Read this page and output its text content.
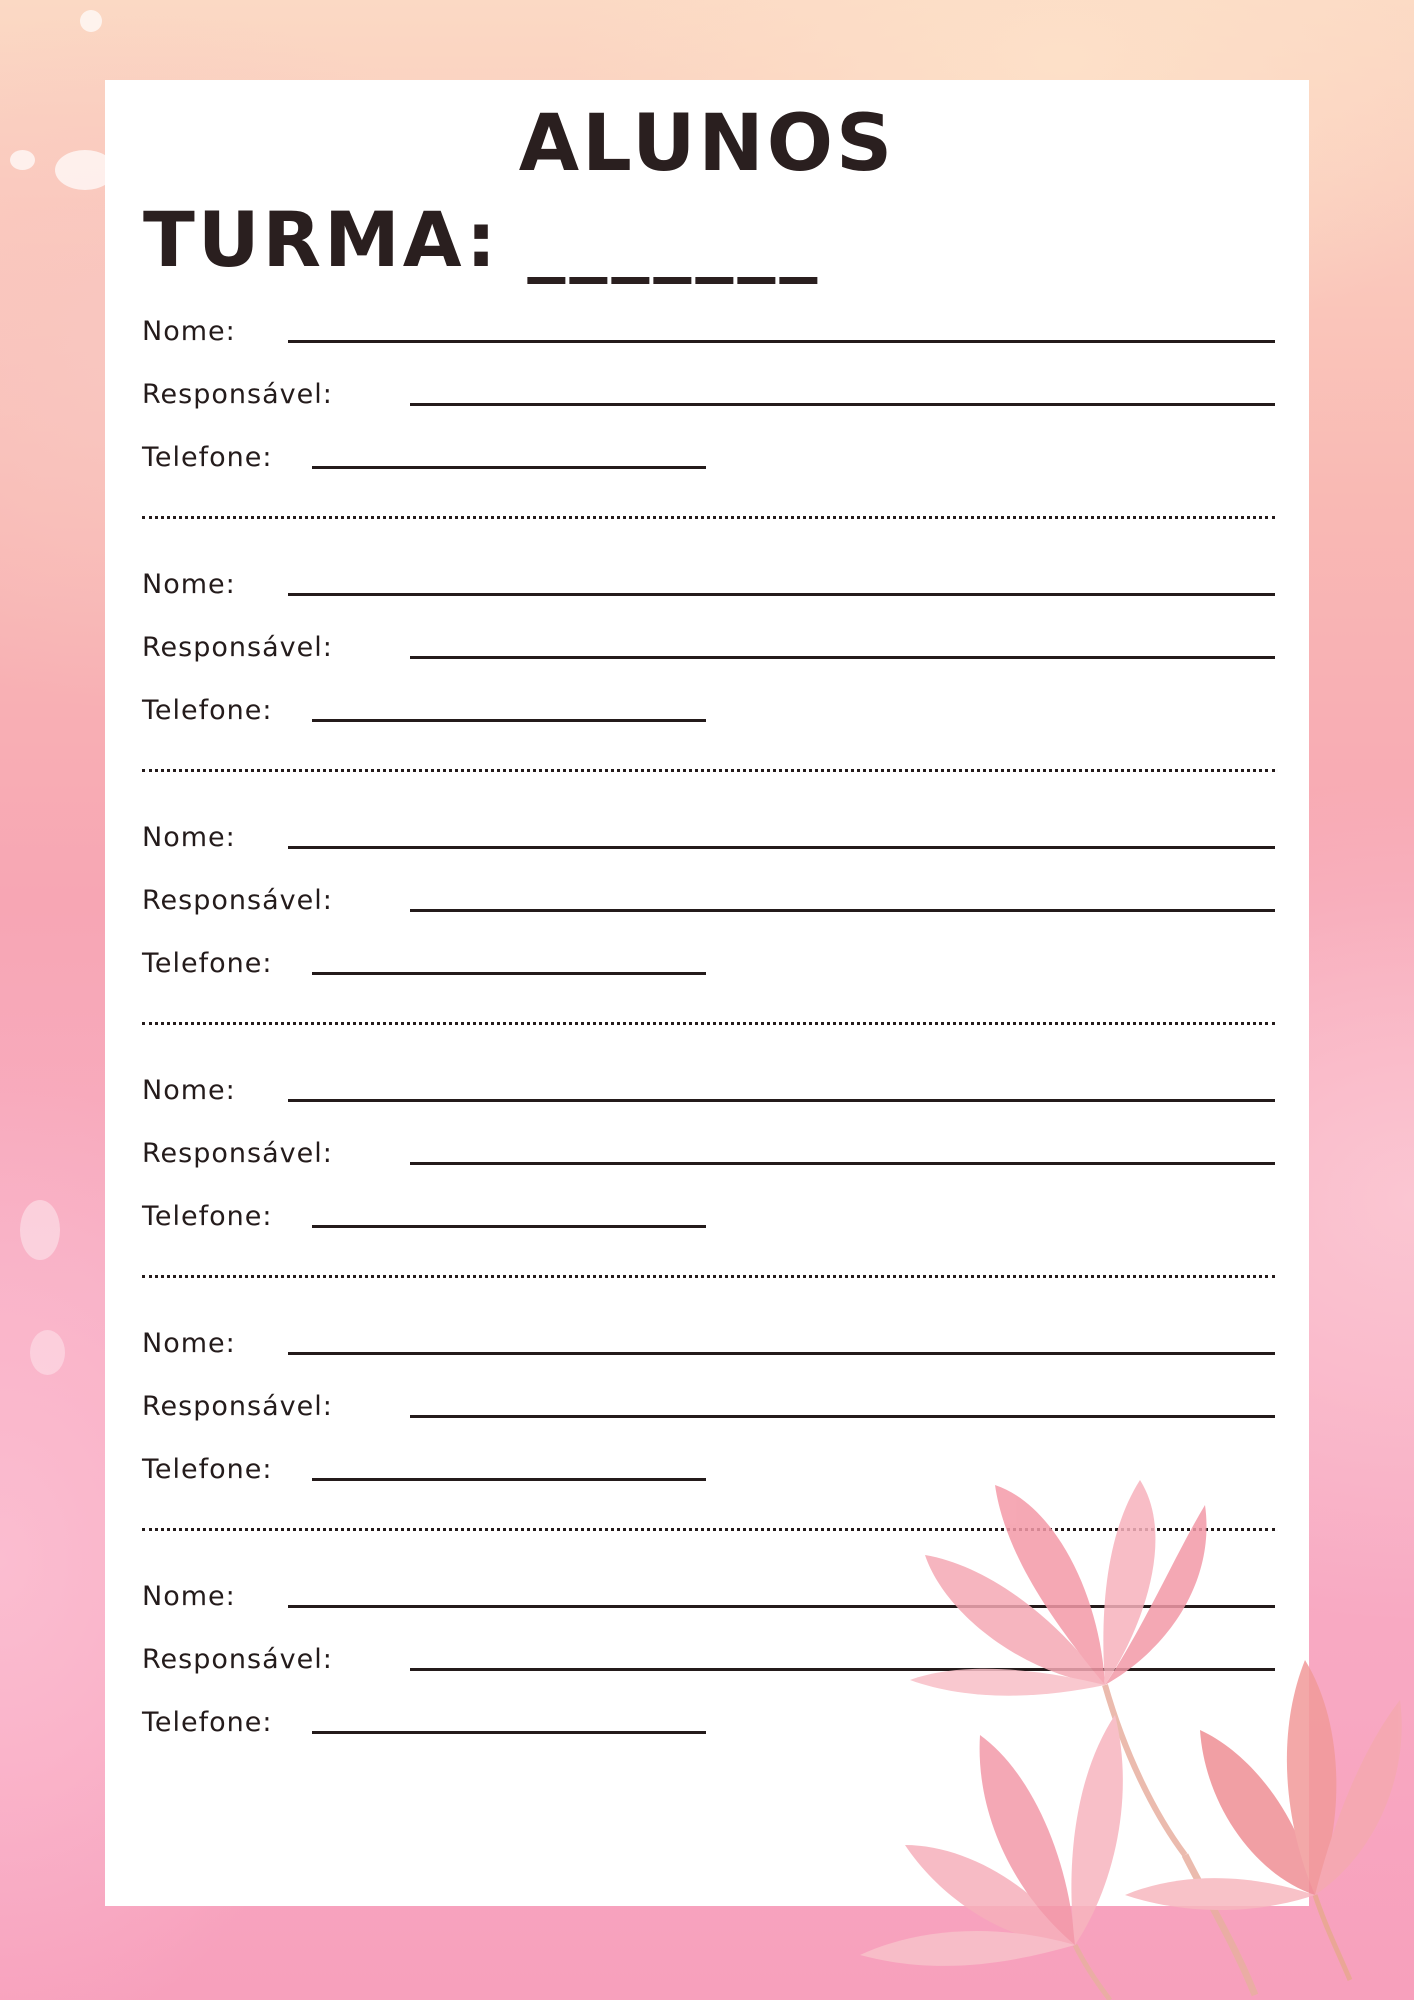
ALUNOS
TURMA: _______
Nome:
Responsável:
Telefone:
Nome:
Responsável:
Telefone:
Nome:
Responsável:
Telefone:
Nome:
Responsável:
Telefone:
Nome:
Responsável:
Telefone:
Nome:
Responsável:
Telefone:
